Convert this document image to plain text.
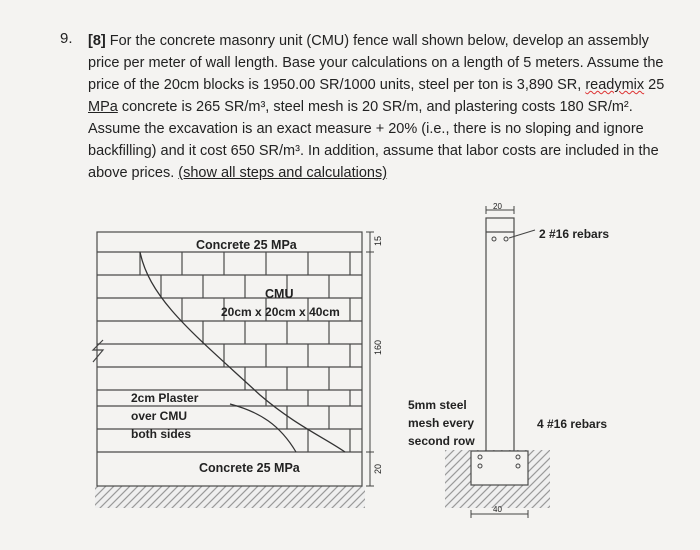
9. [8] For the concrete masonry unit (CMU) fence wall shown below, develop an assembly price per meter of wall length. Base your calculations on a length of 5 meters. Assume the price of the 20cm blocks is 1950.00 SR/1000 units, steel per ton is 3,890 SR, readymix 25 MPa concrete is 265 SR/m³, steel mesh is 20 SR/m, and plastering costs 180 SR/m². Assume the excavation is an exact measure + 20% (i.e., there is no sloping and ignore backfilling) and it cost 650 SR/m³. In addition, assume that labor costs are included in the above prices. (show all steps and calculations)

Concrete 25 MPa
CMU
20cm x 20cm x 40cm
2cm Plaster
over CMU
both sides
Concrete 25 MPa
15
160
20
20
40
2 #16 rebars
4 #16 rebars
5mm steel
mesh every
second row
